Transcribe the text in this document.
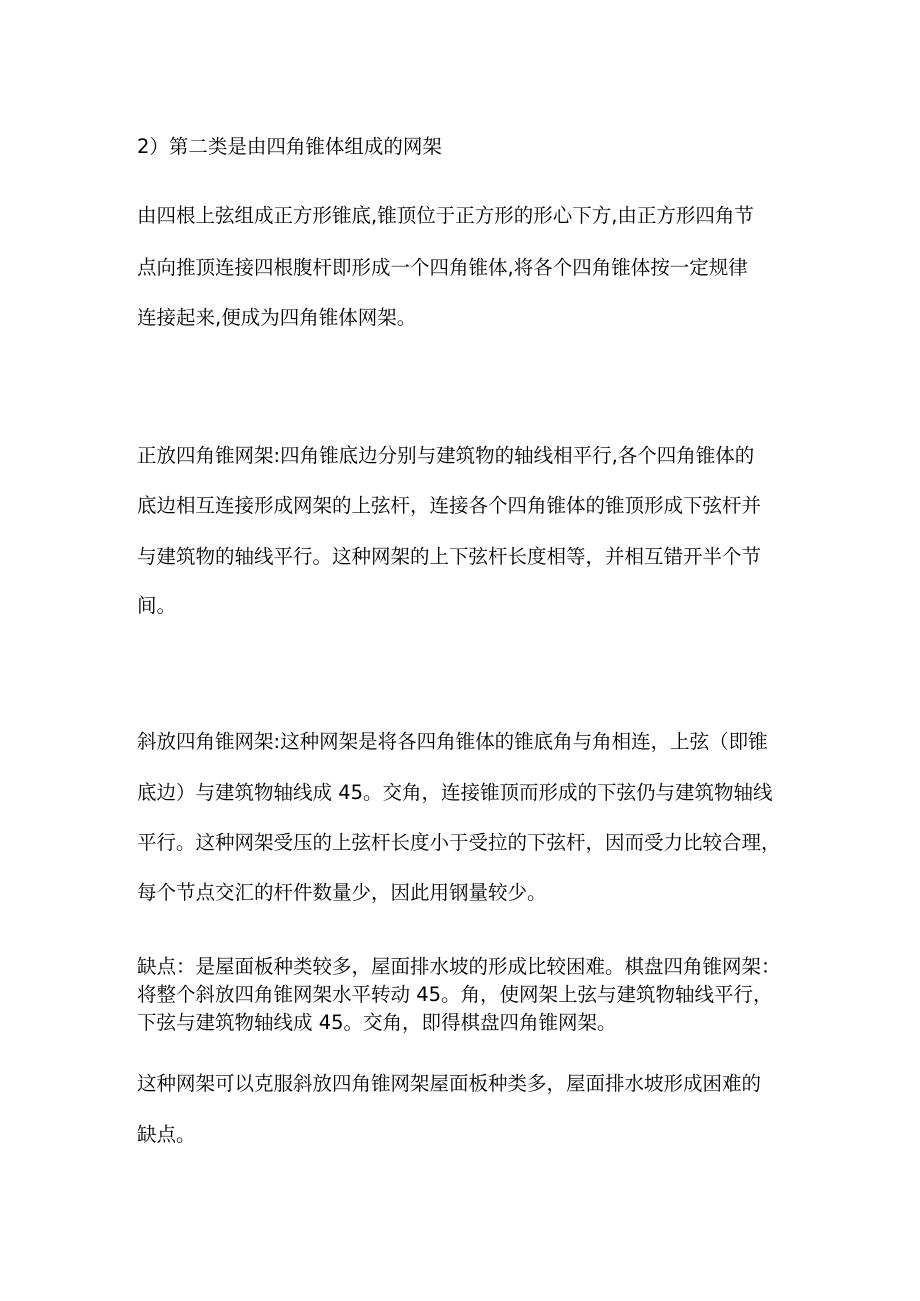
2）第二类是由四角锥体组成的网架
由四根上弦组成正方形锥底,锥顶位于正方形的形心下方,由正方形四角节
点向推顶连接四根腹杆即形成一个四角锥体,将各个四角锥体按一定规律
连接起来,便成为四角锥体网架。
正放四角锥网架:四角锥底边分别与建筑物的轴线相平行,各个四角锥体的
底边相互连接形成网架的上弦杆，连接各个四角锥体的锥顶形成下弦杆并
与建筑物的轴线平行。这种网架的上下弦杆长度相等，并相互错开半个节
间。
斜放四角锥网架:这种网架是将各四角锥体的锥底角与角相连，上弦（即锥
底边）与建筑物轴线成 45。交角，连接锥顶而形成的下弦仍与建筑物轴线
平行。这种网架受压的上弦杆长度小于受拉的下弦杆，因而受力比较合理，
每个节点交汇的杆件数量少，因此用钢量较少。
缺点：是屋面板种类较多，屋面排水坡的形成比较困难。棋盘四角锥网架：
将整个斜放四角锥网架水平转动 45。角，使网架上弦与建筑物轴线平行，
下弦与建筑物轴线成 45。交角，即得棋盘四角锥网架。
这种网架可以克服斜放四角锥网架屋面板种类多，屋面排水坡形成困难的
缺点。
